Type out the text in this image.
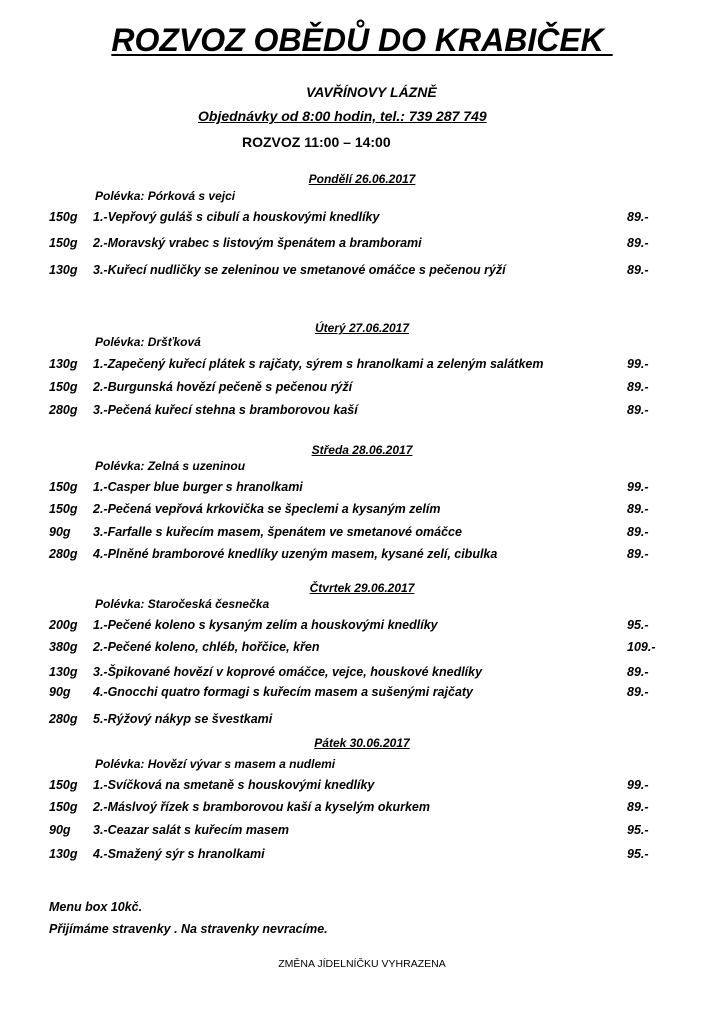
ROZVOZ OBĚDŮ DO KRABIČEK
VAVŘÍNOVY LÁZNĚ
Objednávky od 8:00 hodin, tel.: 739 287 749
ROZVOZ 11:00 – 14:00
Pondělí 26.06.2017
Polévka: Pórková s vejci
150g 1.-Vepřový guláš s cibulí a houskovými knedlíky	89.-
150g 2.-Moravský vrabec s listovým špenátem a bramborami	89.-
130g 3.-Kuřecí nudličky se zeleninou ve smetanové omáčce s pečenou rýží	89.-
Úterý 27.06.2017
Polévka: Dršťková
130g 1.-Zapečený kuřecí plátek s rajčaty, sýrem s hranolkami a zeleným salátkem	99.-
150g 2.-Burgunská hovězí pečeně s pečenou rýží	89.-
280g 3.-Pečená kuřecí stehna s bramborovou kaší	89.-
Středa 28.06.2017
Polévka: Zelná s uzeninou
150g 1.-Casper blue burger s hranolkami	99.-
150g 2.-Pečená vepřová krkovička se špeclemi a kysaným zelím	89.-
90g 3.-Farfalle s kuřecím masem, špenátem ve smetanové omáčce	89.-
280g 4.-Plněné bramborové knedlíky uzeným masem, kysané zelí, cibulka	89.-
Čtvrtek 29.06.2017
Polévka: Staročeská česnečka
200g 1.-Pečené koleno s kysaným zelím a houskovými knedlíky	95.-
380g 2.-Pečené koleno, chléb, hořčice, křen	109.-
130g 3.-Špikované hovězí v koprové omáčce, vejce, houskové knedlíky	89.-
90g 4.-Gnocchi quatro formagi s kuřecím masem a sušenými rajčaty	89.-
280g 5.-Rýžový nákyp se švestkami
Pátek 30.06.2017
Polévka: Hovězí vývar s masem a nudlemi
150g 1.-Svíčková na smetaně s houskovými knedlíky	99.-
150g 2.-Máslvoý řízek s bramborovou kaší a kyselým okurkem	89.-
90g 3.-Ceazar salát s kuřecím masem	95.-
130g 4.-Smažený sýr s hranolkami	95.-
Menu box 10kč.
Přijímáme stravenky . Na stravenky nevracíme.
ZMĚNA JÍDELNÍČKU VYHRAZENA
